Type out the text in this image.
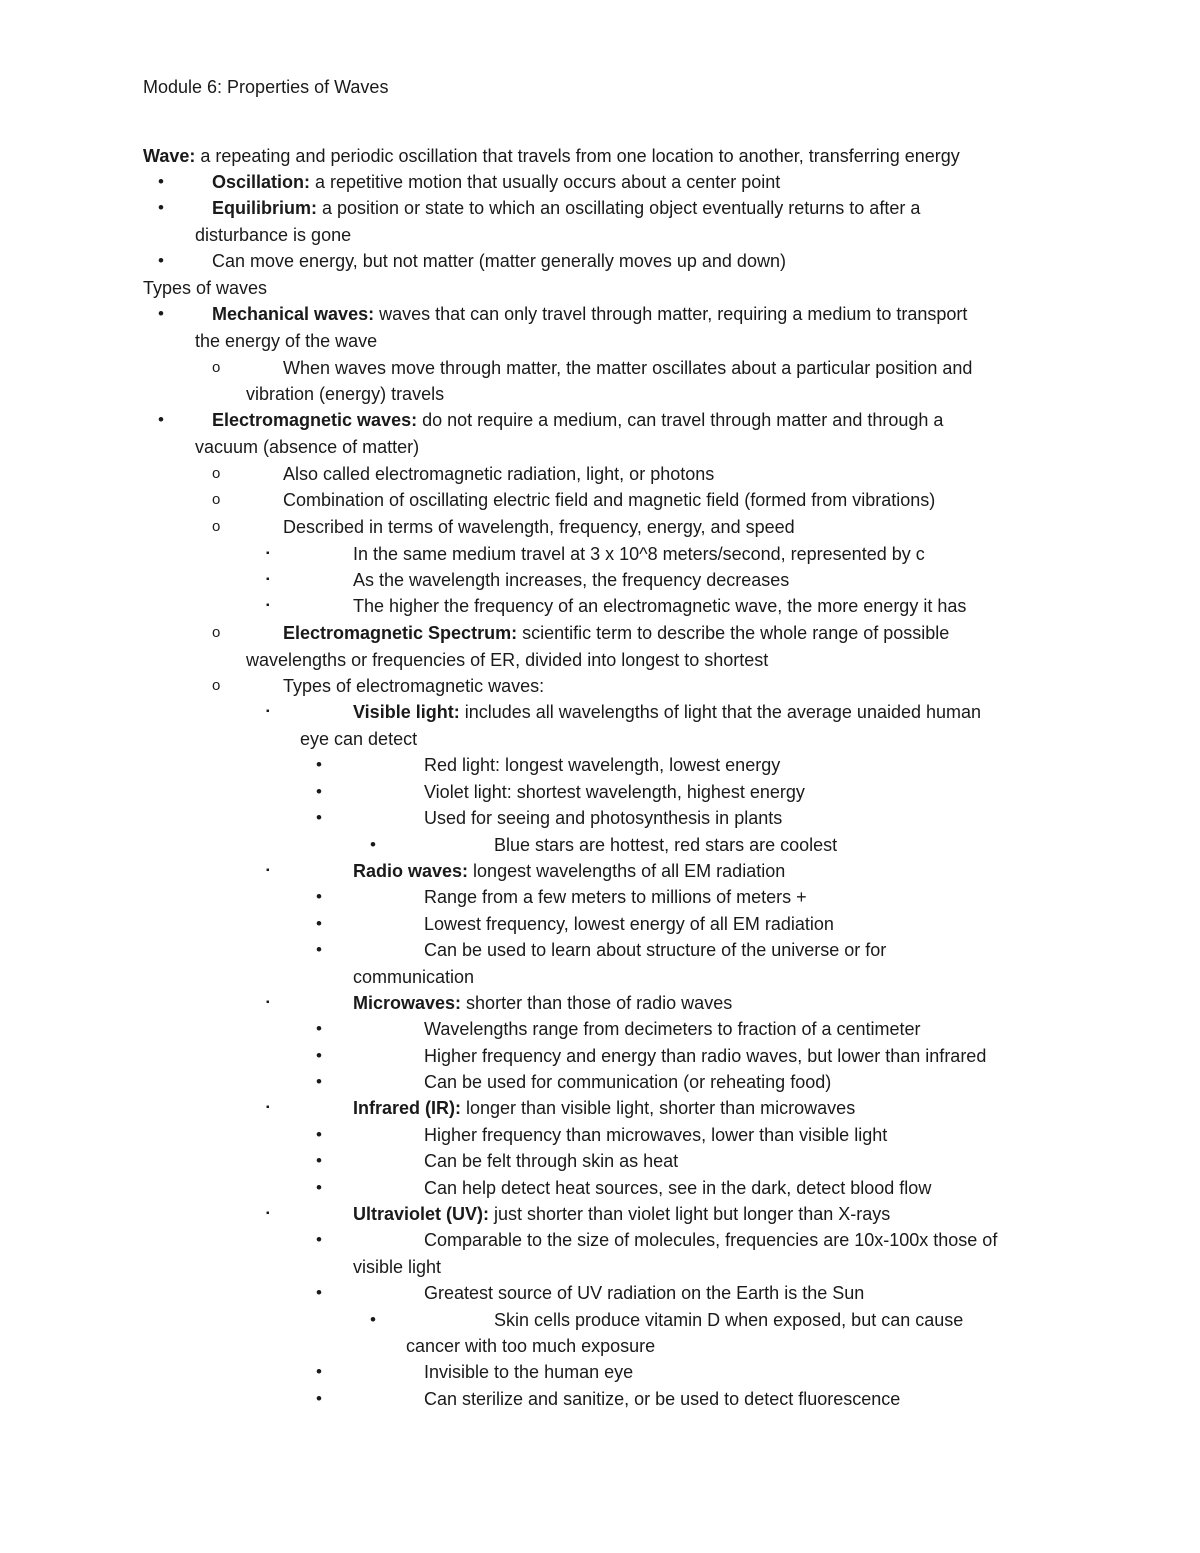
Module 6: Properties of Waves
Wave: a repeating and periodic oscillation that travels from one location to another, transferring energy
•	Oscillation: a repetitive motion that usually occurs about a center point
•	Equilibrium: a position or state to which an oscillating object eventually returns to after a
disturbance is gone
•	Can move energy, but not matter (matter generally moves up and down)
Types of waves
•	Mechanical waves: waves that can only travel through matter, requiring a medium to transport
the energy of the wave
o	When waves move through matter, the matter oscillates about a particular position and
vibration (energy) travels
•	Electromagnetic waves: do not require a medium, can travel through matter and through a
vacuum (absence of matter)
o	Also called electromagnetic radiation, light, or photons
o	Combination of oscillating electric field and magnetic field (formed from vibrations)
o	Described in terms of wavelength, frequency, energy, and speed
▪	In the same medium travel at 3 x 10^8 meters/second, represented by c
▪	As the wavelength increases, the frequency decreases
▪	The higher the frequency of an electromagnetic wave, the more energy it has
o	Electromagnetic Spectrum: scientific term to describe the whole range of possible
wavelengths or frequencies of ER, divided into longest to shortest
o	Types of electromagnetic waves:
▪	Visible light: includes all wavelengths of light that the average unaided human
eye can detect
•	Red light: longest wavelength, lowest energy
•	Violet light: shortest wavelength, highest energy
•	Used for seeing and photosynthesis in plants
•	Blue stars are hottest, red stars are coolest
▪	Radio waves: longest wavelengths of all EM radiation
•	Range from a few meters to millions of meters +
•	Lowest frequency, lowest energy of all EM radiation
•	Can be used to learn about structure of the universe or for
communication
▪	Microwaves: shorter than those of radio waves
•	Wavelengths range from decimeters to fraction of a centimeter
•	Higher frequency and energy than radio waves, but lower than infrared
•	Can be used for communication (or reheating food)
▪	Infrared (IR): longer than visible light, shorter than microwaves
•	Higher frequency than microwaves, lower than visible light
•	Can be felt through skin as heat
•	Can help detect heat sources, see in the dark, detect blood flow
▪	Ultraviolet (UV): just shorter than violet light but longer than X-rays
•	Comparable to the size of molecules, frequencies are 10x-100x those of
visible light
•	Greatest source of UV radiation on the Earth is the Sun
•	Skin cells produce vitamin D when exposed, but can cause
cancer with too much exposure
•	Invisible to the human eye
•	Can sterilize and sanitize, or be used to detect fluorescence
